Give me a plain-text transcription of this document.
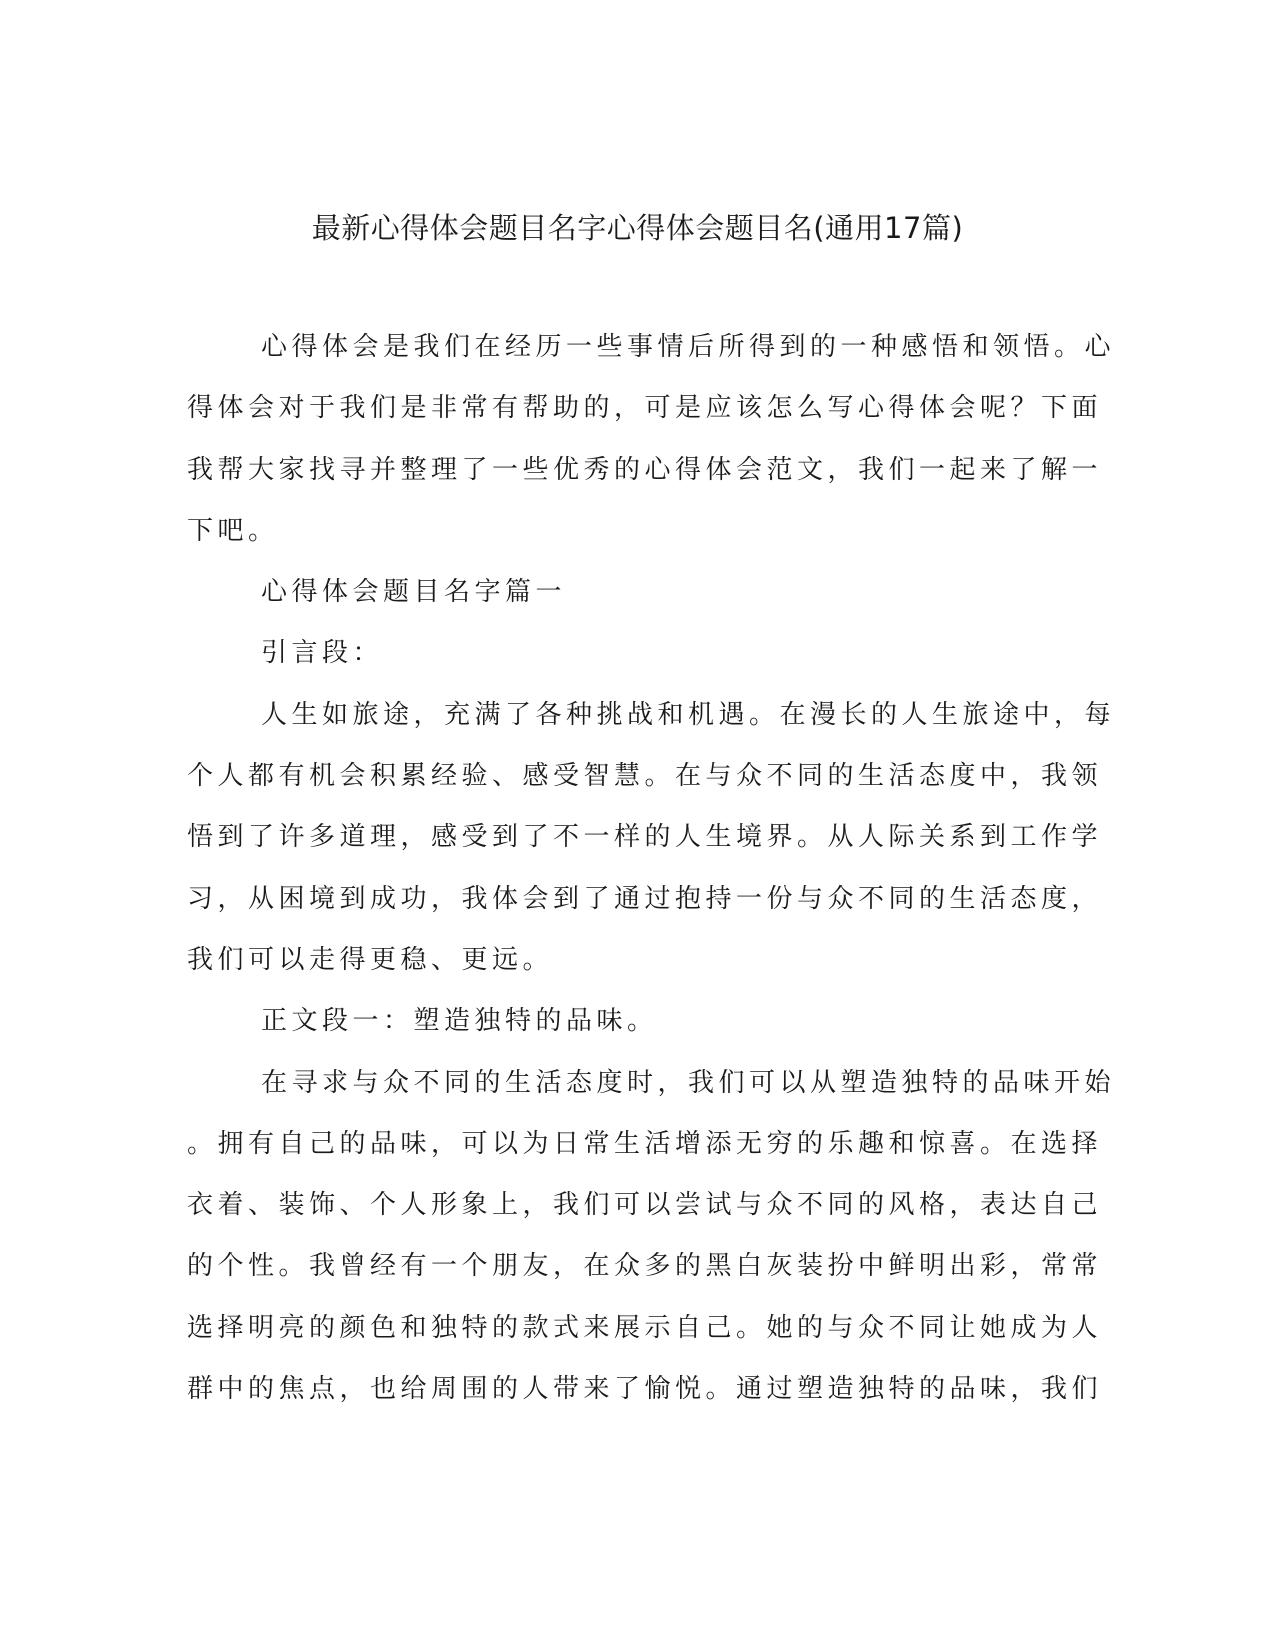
最新心得体会题目名字心得体会题目名(通用17篇)

心得体会是我们在经历一些事情后所得到的一种感悟和领悟。心

得体会对于我们是非常有帮助的，可是应该怎么写心得体会呢？下面

我帮大家找寻并整理了一些优秀的心得体会范文，我们一起来了解一

下吧。

心得体会题目名字篇一

引言段：

人生如旅途，充满了各种挑战和机遇。在漫长的人生旅途中，每

个人都有机会积累经验、感受智慧。在与众不同的生活态度中，我领

悟到了许多道理，感受到了不一样的人生境界。从人际关系到工作学

习，从困境到成功，我体会到了通过抱持一份与众不同的生活态度，

我们可以走得更稳、更远。

正文段一：塑造独特的品味。

在寻求与众不同的生活态度时，我们可以从塑造独特的品味开始

。拥有自己的品味，可以为日常生活增添无穷的乐趣和惊喜。在选择

衣着、装饰、个人形象上，我们可以尝试与众不同的风格，表达自己

的个性。我曾经有一个朋友，在众多的黑白灰装扮中鲜明出彩，常常

选择明亮的颜色和独特的款式来展示自己。她的与众不同让她成为人

群中的焦点，也给周围的人带来了愉悦。通过塑造独特的品味，我们
